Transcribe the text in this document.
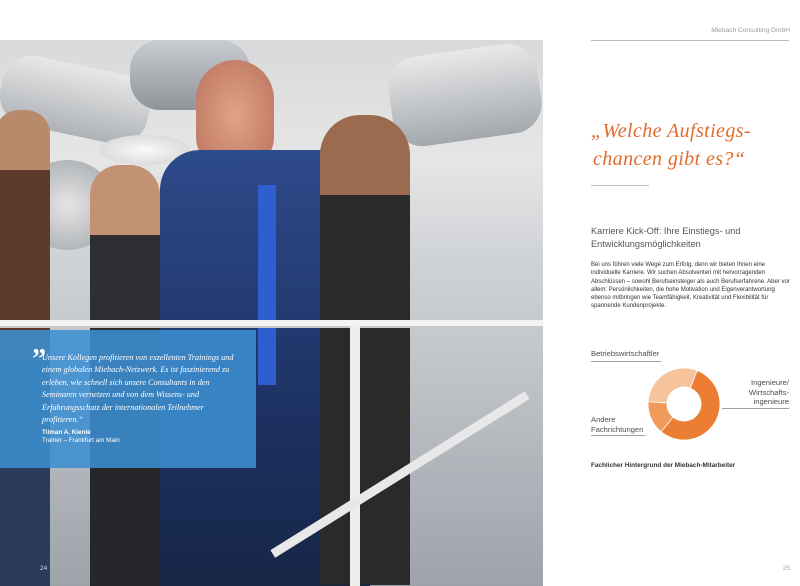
”
Unsere Kollegen profitieren von exzellenten Trainings und einem globalen Miebach-Netzwerk. Es ist faszinierend zu erleben, wie schnell sich unsere Consultants in den Seminaren vernetzen und von dem Wissens- und Erfahrungsschatz der internationalen Teilnehmer profitieren.“
Tilman A. Kienle
Trainer – Frankfurt am Main
24
Miebach Consulting GmbH
„Welche Aufstiegs-
chancen gibt es?“
Karriere Kick-Off: Ihre Einstiegs- und
Entwicklungsmöglichkeiten
Bei uns führen viele Wege zum Erfolg, denn wir bieten Ihnen eine individuelle Karriere. Wir suchen Absolventen mit hervorragenden Abschlüssen – sowohl Berufseinsteiger als auch Berufserfahrene. Aber vor allem: Persönlichkeiten, die hohe Motivation und Eigenverantwortung ebenso mitbringen wie Teamfähigkeit, Kreativität und Flexibilität für spannende Kundenprojekte.
Betriebswirtschaftler
Ingenieure/
Wirtschafts-
ingenieure
Andere
Fachrichtungen
Fachlicher Hintergrund der Miebach-Mitarbeiter
25
